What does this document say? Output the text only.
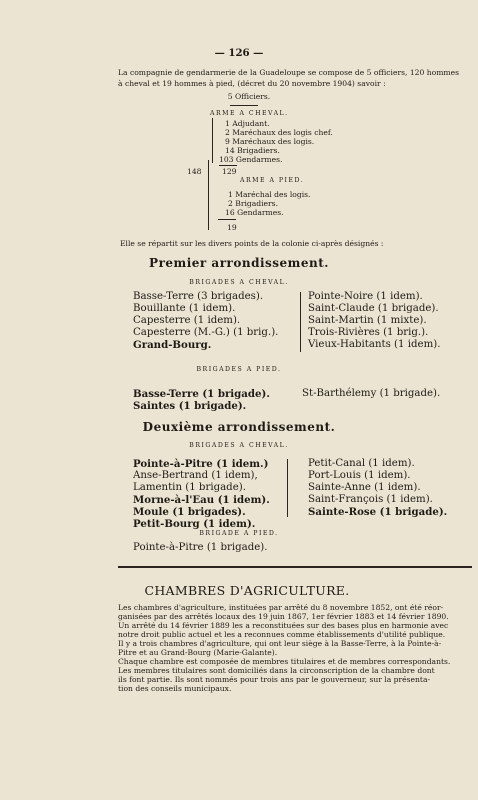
— 126 —
La compagnie de gendarmerie de la Guadeloupe se compose de 5 officiers, 120 hommes
à cheval et 19 hommes à pied, (décret du 20 novembre 1904) savoir :
5 Officiers.
ARME A CHEVAL.
1 Adjudant.
2 Maréchaux des logis chef.
9 Maréchaux des logis.
14 Brigadiers.
103 Gendarmes.
129
148
ARME A PIED.
1 Maréchal des logis.
2 Brigadiers.
16 Gendarmes.
19
Elle se répartit sur les divers points de la colonie ci-après désignés :
Premier arrondissement.
BRIGADES A CHEVAL.
Basse-Terre (3 brigades).
Bouillante (1 idem).
Capesterre (1 idem).
Capesterre (M.-G.) (1 brig.).
Grand-Bourg.
Pointe-Noire (1 idem).
Saint-Claude (1 brigade).
Saint-Martin (1 mixte).
Trois-Rivières (1 brig.).
Vieux-Habitants (1 idem).
BRIGADES A PIED.
Basse-Terre (1 brigade).
Saintes (1 brigade).
St-Barthélemy (1 brigade).
Deuxième arrondissement.
BRIGADES A CHEVAL.
Pointe-à-Pitre (1 idem.)
Anse-Bertrand (1 idem),
Lamentin (1 brigade).
Morne-à-l'Eau (1 idem).
Moule (1 brigades).
Petit-Bourg (1 idem).
Petit-Canal (1 idem).
Port-Louis (1 idem).
Sainte-Anne (1 idem).
Saint-François (1 idem).
Sainte-Rose (1 brigade).
BRIGADE A PIED.
Pointe-à-Pitre (1 brigade).
CHAMBRES D'AGRICULTURE.
Les chambres d'agriculture, instituées par arrêté du 8 novembre 1852, ont été réor-
ganisées par des arrêtés locaux des 19 juin 1867, 1er février 1883 et 14 février 1890.
Un arrêté du 14 février 1889 les a reconstituées sur des bases plus en harmonie avec
notre droit public actuel et les a reconnues comme établissements d'utilité publique.
Il y a trois chambres d'agriculture, qui ont leur siège à la Basse-Terre, à la Pointe-à-
Pitre et au Grand-Bourg (Marie-Galante).
Chaque chambre est composée de membres titulaires et de membres correspondants.
Les membres titulaires sont domiciliés dans la circonscription de la chambre dont
ils font partie. Ils sont nommés pour trois ans par le gouverneur, sur la présenta-
tion des conseils municipaux.
